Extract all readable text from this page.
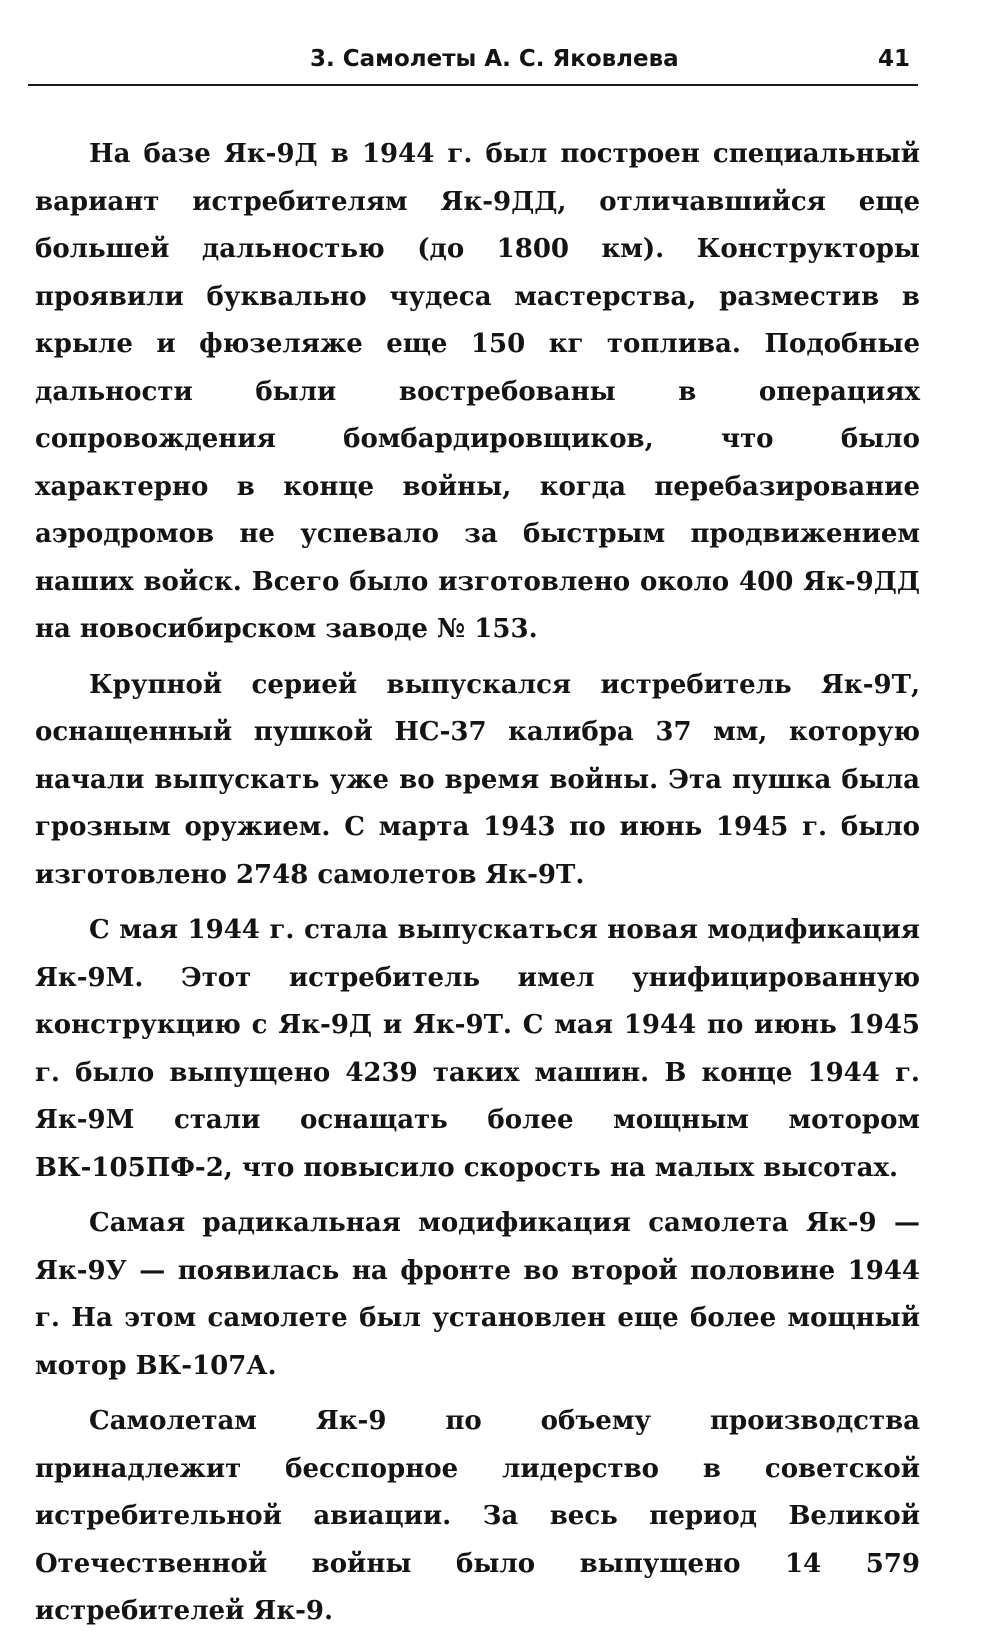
3. Самолеты А. С. Яковлева	41

На базе Як-9Д в 1944 г. был построен специальный вариант истребителям Як-9ДД, отличавшийся еще большей дальностью (до 1800 км). Конструкторы проявили буквально чудеса мастерства, разместив в крыле и фюзеляже еще 150 кг топлива. Подобные дальности были востребованы в операциях сопровождения бомбардировщиков, что было характерно в конце войны, когда перебазирование аэродромов не успевало за быстрым продвижением наших войск. Всего было изготовлено около 400 Як-9ДД на новосибирском заводе № 153.

Крупной серией выпускался истребитель Як-9Т, оснащенный пушкой НС-37 калибра 37 мм, которую начали выпускать уже во время войны. Эта пушка была грозным оружием. С марта 1943 по июнь 1945 г. было изготовлено 2748 самолетов Як-9Т.

С мая 1944 г. стала выпускаться новая модификация Як-9М. Этот истребитель имел унифицированную конструкцию с Як-9Д и Як-9Т. С мая 1944 по июнь 1945 г. было выпущено 4239 таких машин. В конце 1944 г. Як-9М стали оснащать более мощным мотором ВК-105ПФ-2, что повысило скорость на малых высотах.

Самая радикальная модификация самолета Як-9 — Як-9У — появилась на фронте во второй половине 1944 г. На этом самолете был установлен еще более мощный мотор ВК-107А.

Самолетам Як-9 по объему производства принадлежит бесспорное лидерство в советской истребительной авиации. За весь период Великой Отечественной войны было выпущено 14 579 истребителей Як-9.
